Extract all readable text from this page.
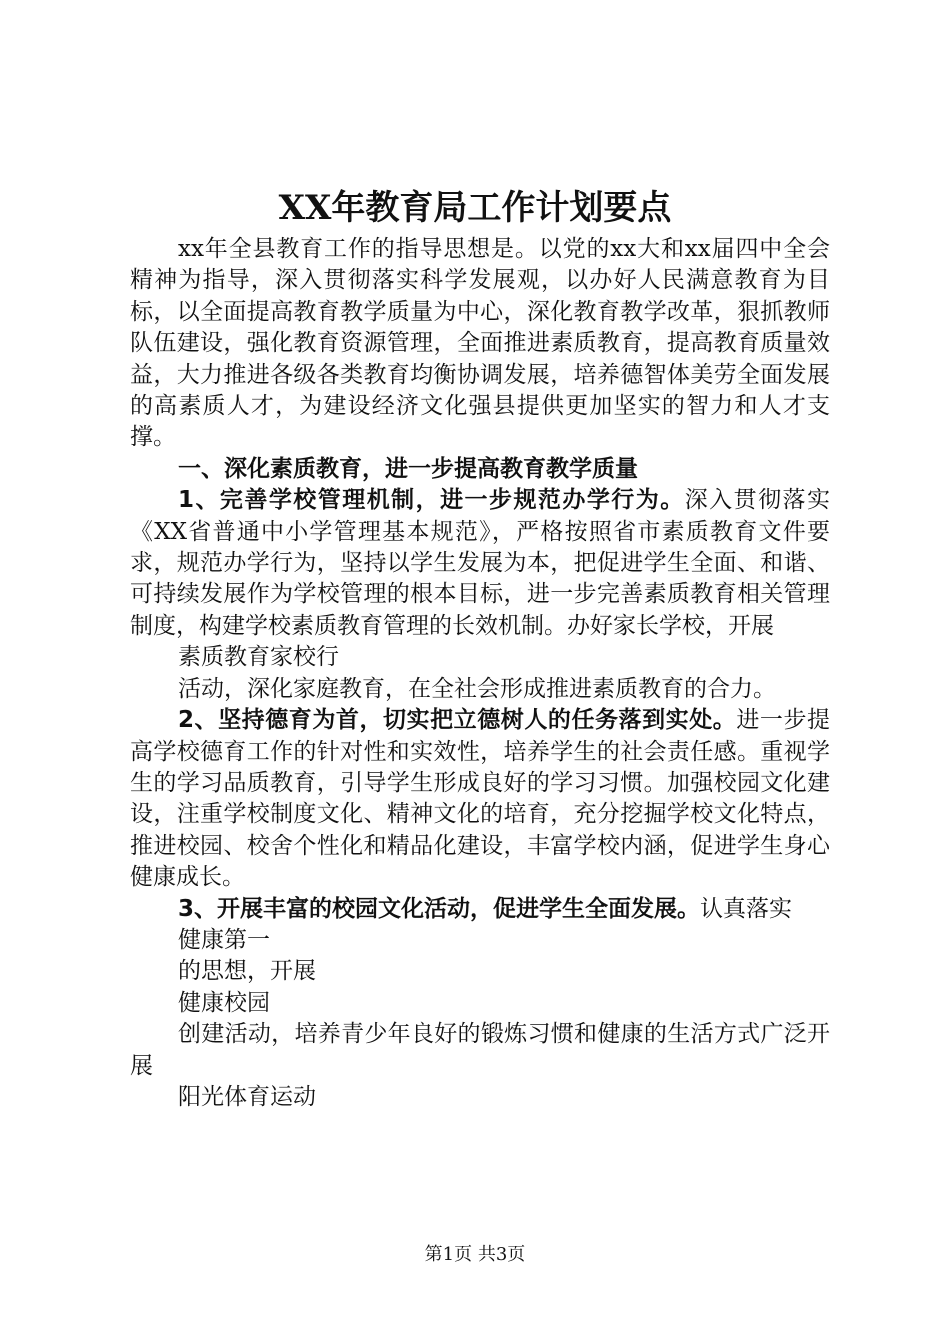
XX年教育局工作计划要点

xx年全县教育工作的指导思想是。以党的xx大和xx届四中全会精神为指导，深入贯彻落实科学发展观，以办好人民满意教育为目标，以全面提高教育教学质量为中心，深化教育教学改革，狠抓教师队伍建设，强化教育资源管理，全面推进素质教育，提高教育质量效益，大力推进各级各类教育均衡协调发展，培养德智体美劳全面发展的高素质人才，为建设经济文化强县提供更加坚实的智力和人才支撑。

一、深化素质教育，进一步提高教育教学质量

1、完善学校管理机制，进一步规范办学行为。深入贯彻落实《XX省普通中小学管理基本规范》，严格按照省市素质教育文件要求，规范办学行为，坚持以学生发展为本，把促进学生全面、和谐、可持续发展作为学校管理的根本目标，进一步完善素质教育相关管理制度，构建学校素质教育管理的长效机制。办好家长学校，开展

素质教育家校行

活动，深化家庭教育，在全社会形成推进素质教育的合力。

2、坚持德育为首，切实把立德树人的任务落到实处。进一步提高学校德育工作的针对性和实效性，培养学生的社会责任感。重视学生的学习品质教育，引导学生形成良好的学习习惯。加强校园文化建设，注重学校制度文化、精神文化的培育，充分挖掘学校文化特点，推进校园、校舍个性化和精品化建设，丰富学校内涵，促进学生身心健康成长。

3、开展丰富的校园文化活动，促进学生全面发展。认真落实

健康第一

的思想，开展

健康校园

创建活动，培养青少年良好的锻炼习惯和健康的生活方式广泛开展

阳光体育运动

第1页 共3页
